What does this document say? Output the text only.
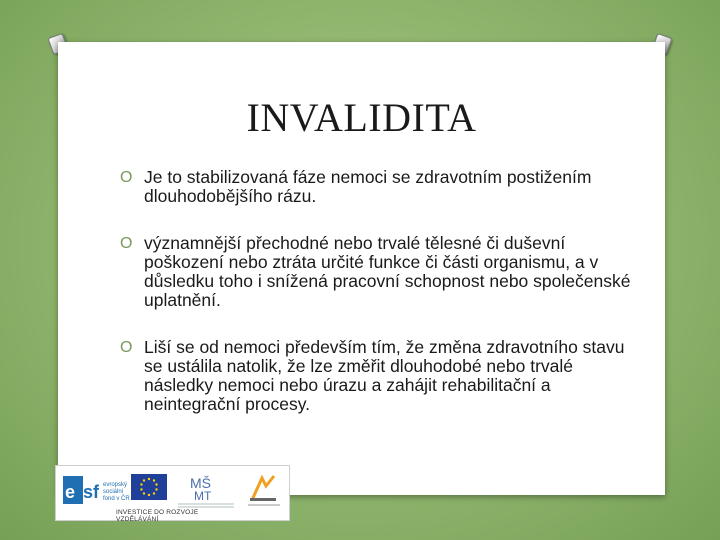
INVALIDITA
O Je to stabilizovaná fáze nemoci se zdravotním postižením dlouhodobějšího rázu.
O významnější přechodné nebo trvalé tělesné či duševní poškození nebo ztráta určité funkce či části organismu, a v důsledku toho i snížená pracovní schopnost nebo společenské uplatnění.
O Liší se od nemoci především tím, že změna zdravotního stavu se ustálila natolik, že lze změřit dlouhodobé nebo trvalé následky nemoci nebo úrazu a zahájit rehabilitační a neintegrační procesy.
e sf evropský
sociální
fond v ČR
MŠ
MT
INVESTICE DO ROZVOJE VZDĚLÁVÁNÍ
